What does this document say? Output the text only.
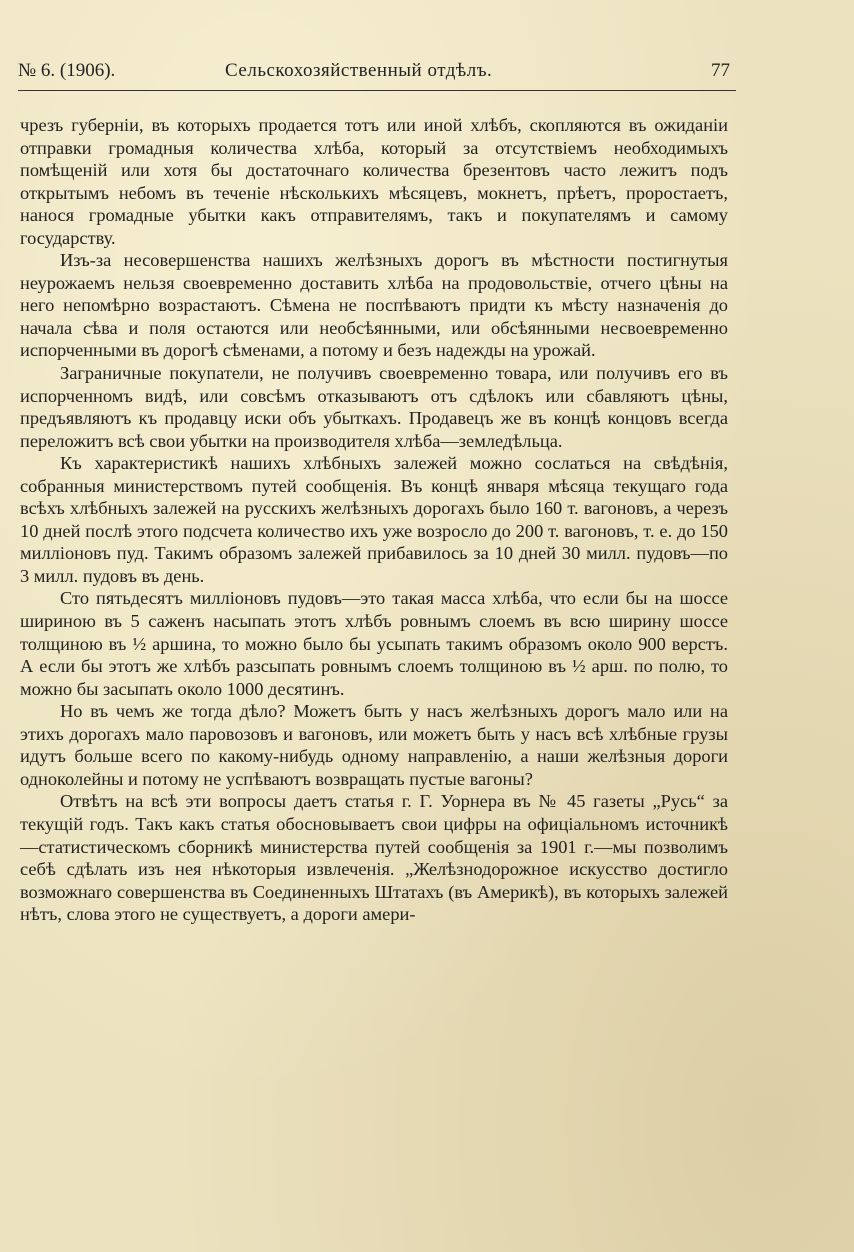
№ 6. (1906).	Сельскохозяйственный отдѣлъ.	77

чрезъ губерніи, въ которыхъ продается тотъ или иной хлѣбъ, скопляются въ ожиданіи отправки громадныя количества хлѣба, который за отсутствіемъ необходимыхъ помѣщеній или хотя бы достаточнаго количества брезентовъ часто лежитъ подъ открытымъ небомъ въ теченіе нѣсколькихъ мѣсяцевъ, мокнетъ, прѣетъ, проростаетъ, нанося громадные убытки какъ отправителямъ, такъ и покупателямъ и самому государству.

Изъ-за несовершенства нашихъ желѣзныхъ дорогъ въ мѣстности постигнутыя неурожаемъ нельзя своевременно доставить хлѣба на продовольствіе, отчего цѣны на него непомѣрно возрастаютъ. Сѣмена не поспѣваютъ придти къ мѣсту назначенія до начала сѣва и поля остаются или необсѣянными, или обсѣянными несвоевременно испорченными въ дорогѣ сѣменами, а потому и безъ надежды на урожай.

Заграничные покупатели, не получивъ своевременно товара, или получивъ его въ испорченномъ видѣ, или совсѣмъ отказываютъ отъ сдѣлокъ или сбавляютъ цѣны, предъявляютъ къ продавцу иски объ убыткахъ. Продавецъ же въ концѣ концовъ всегда переложитъ всѣ свои убытки на производителя хлѣба—земледѣльца.

Къ характеристикѣ нашихъ хлѣбныхъ залежей можно сослаться на свѣдѣнія, собранныя министерствомъ путей сообщенія. Въ концѣ января мѣсяца текущаго года всѣхъ хлѣбныхъ залежей на русскихъ желѣзныхъ дорогахъ было 160 т. вагоновъ, а черезъ 10 дней послѣ этого подсчета количество ихъ уже возросло до 200 т. вагоновъ, т. е. до 150 милліоновъ пуд. Такимъ образомъ залежей прибавилось за 10 дней 30 милл. пудовъ—по 3 милл. пудовъ въ день.

Сто пятьдесятъ милліоновъ пудовъ—это такая масса хлѣба, что если бы на шоссе шириною въ 5 саженъ насыпать этотъ хлѣбъ ровнымъ слоемъ въ всю ширину шоссе толщиною въ ½ аршина, то можно было бы усыпать такимъ образомъ около 900 верстъ. А если бы этотъ же хлѣбъ разсыпать ровнымъ слоемъ толщиною въ ½ арш. по полю, то можно бы засыпать около 1000 десятинъ.

Но въ чемъ же тогда дѣло? Можетъ быть у насъ желѣзныхъ дорогъ мало или на этихъ дорогахъ мало паровозовъ и вагоновъ, или можетъ быть у насъ всѣ хлѣбные грузы идутъ больше всего по какому-нибудь одному направленію, а наши желѣзныя дороги одноколейны и потому не успѣваютъ возвращать пустые вагоны?

Отвѣтъ на всѣ эти вопросы даетъ статья г. Г. Уорнера въ № 45 газеты „Русь“ за текущій годъ. Такъ какъ статья обосновываетъ свои цифры на офиціальномъ источникѣ—статистическомъ сборникѣ министерства путей сообщенія за 1901 г.—мы позволимъ себѣ сдѣлать изъ нея нѣкоторыя извлеченія. „Желѣзнодорожное искусство достигло возможнаго совершенства въ Соединенныхъ Штатахъ (въ Америкѣ), въ которыхъ залежей нѣтъ, слова этого не существуетъ, а дороги амери-
